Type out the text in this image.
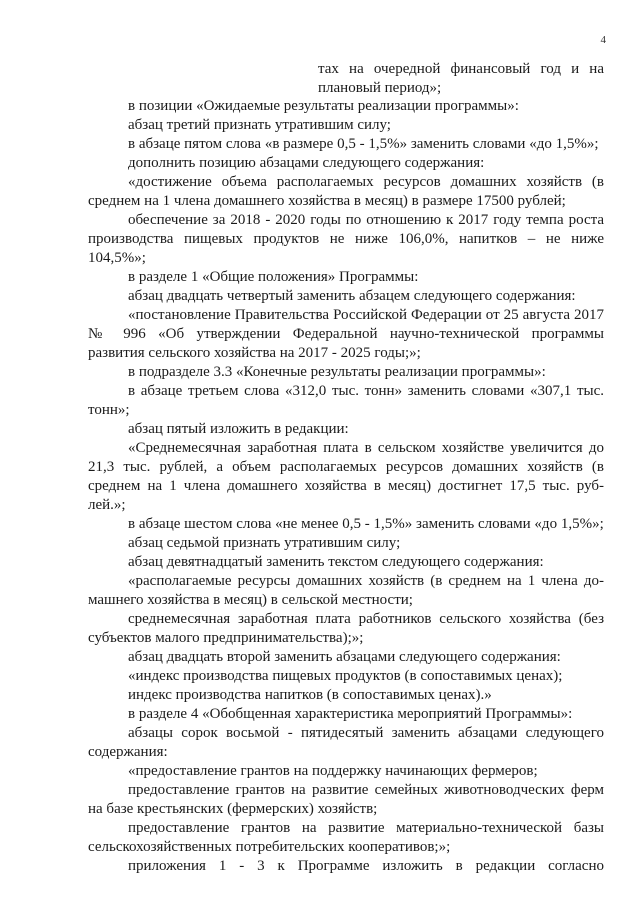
4

тах на очередной финансовый год и на плановый период»;

в позиции «Ожидаемые результаты реализации программы»:

абзац третий признать утратившим силу;

в абзаце пятом слова «в размере 0,5 - 1,5%» заменить словами «до 1,5%»;

дополнить позицию абзацами следующего содержания:

«достижение объема располагаемых ресурсов домашних хозяйств (в среднем на 1 члена домашнего хозяйства в месяц) в размере 17500 рублей;

обеспечение за 2018 - 2020 годы по отношению к 2017 году темпа роста производства пищевых продуктов не ниже 106,0%, напитков – не ниже 104,5%»;

в разделе 1 «Общие положения» Программы:

абзац двадцать четвертый заменить абзацем следующего содержания:

«постановление Правительства Российской Федерации от 25 августа 2017 № 996 «Об утверждении Федеральной научно-технической программы развития сельского хозяйства на 2017 - 2025 годы;»;

в подразделе 3.3 «Конечные результаты реализации программы»:

в абзаце третьем слова «312,0 тыс. тонн» заменить словами «307,1 тыс. тонн»;

абзац пятый изложить в редакции:

«Среднемесячная заработная плата в сельском хозяйстве увеличится до 21,3 тыс. рублей, а объем располагаемых ресурсов домашних хозяйств (в среднем на 1 члена домашнего хозяйства в месяц) достигнет 17,5 тыс. руб-лей.»;

в абзаце шестом слова «не менее 0,5 - 1,5%» заменить словами «до 1,5%»;

абзац седьмой признать утратившим силу;

абзац девятнадцатый заменить текстом следующего содержания:

«располагаемые ресурсы домашних хозяйств (в среднем на 1 члена до-машнего хозяйства в месяц) в сельской местности;

среднемесячная заработная плата работников сельского хозяйства (без субъектов малого предпринимательства);»;

абзац двадцать второй заменить абзацами следующего содержания:

«индекс производства пищевых продуктов (в сопоставимых ценах);

индекс производства напитков (в сопоставимых ценах).»

в разделе 4 «Обобщенная характеристика мероприятий Программы»:

абзацы сорок восьмой - пятидесятый заменить абзацами следующего содержания:

«предоставление грантов на поддержку начинающих фермеров;

предоставление грантов на развитие семейных животноводческих ферм на базе крестьянских (фермерских) хозяйств;

предоставление грантов на развитие материально-технической базы сельскохозяйственных потребительских кооперативов;»;

приложения 1 - 3 к Программе изложить в редакции согласно
